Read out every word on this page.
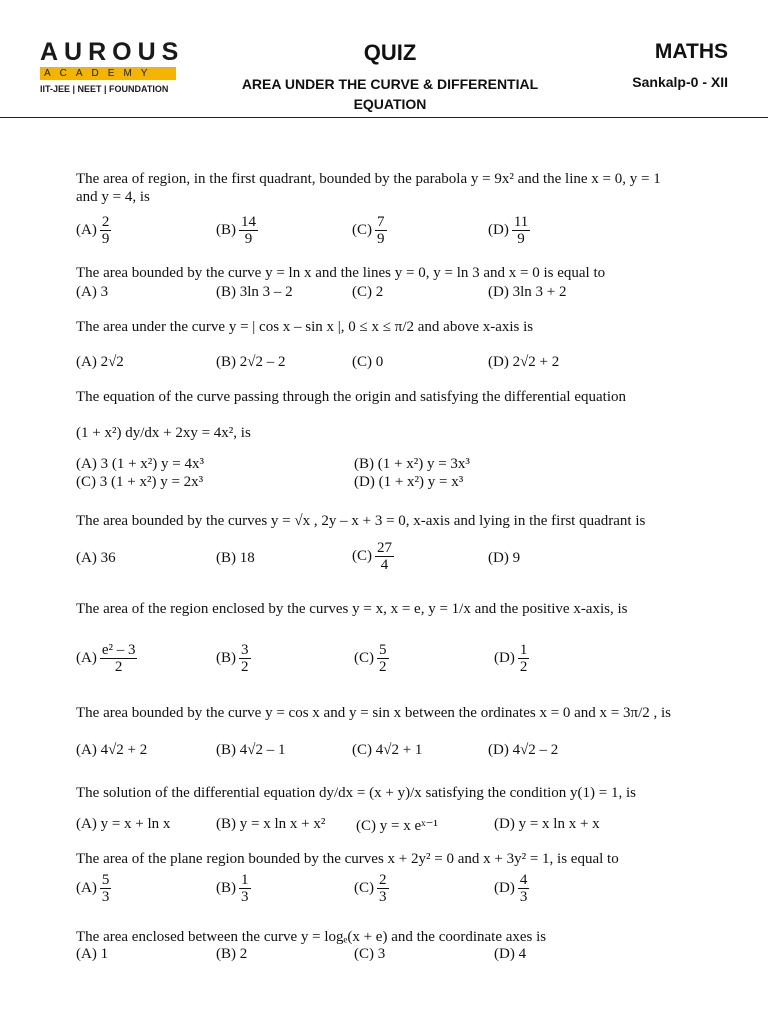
AUROUS
ACADEMY
IIT-JEE | NEET | FOUNDATION
QUIZ
AREA UNDER THE CURVE & DIFFERENTIAL EQUATION
MATHS
Sankalp-0 - XII
The area of region, in the first quadrant, bounded by the parabola y = 9x² and the line x = 0, y = 1 and y = 4, is
$(A) \frac{2}{9}$	$(B) \frac{14}{9}$	$(C) \frac{7}{9}$	$(D) \frac{11}{9}$
The area bounded by the curve y = ln x and the lines y = 0, y = ln 3 and x = 0 is equal to
(A) 3	(B) 3ln 3 – 2	(C) 2	(D) 3ln 3 + 2
The area under the curve y = | cos x – sin x |, 0 ≤ x ≤ π/2 and above x-axis is
(A) 2√2	(B) 2√2 – 2	(C) 0	(D) 2√2 + 2
The equation of the curve passing through the origin and satisfying the differential equation
(1 + x²) dy/dx + 2xy = 4x², is
(A) 3 (1 + x²) y = 4x³	(B) (1 + x²) y = 3x³
(C) 3 (1 + x²) y = 2x³	(D) (1 + x²) y = x³
The area bounded by the curves y = √x , 2y – x + 3 = 0, x-axis and lying in the first quadrant is
(A) 36	(B) 18	$(C) \frac{27}{4}$	(D) 9
The area of the region enclosed by the curves y = x, x = e, y = 1/x and the positive x-axis, is
$(A) \frac{\text{e² – 3}}{2}$	$(B) \frac{3}{2}$	$(C) \frac{5}{2}$	$(D) \frac{1}{2}$
The area bounded by the curve y = cos x and y = sin x between the ordinates x = 0 and x = 3π/2 , is
(A) 4√2 + 2	(B) 4√2 – 1	(C) 4√2 + 1	(D) 4√2 – 2
The solution of the differential equation dy/dx = (x + y)/x satisfying the condition y(1) = 1, is
(A) y = x + ln x	(B) y = x ln x + x² (C) y = x eˣ⁻¹	(D) y = x ln x + x
The area of the plane region bounded by the curves x + 2y² = 0 and x + 3y² = 1, is equal to
$(A) \frac{5}{3}$	$(B) \frac{1}{3}$	$(C) \frac{2}{3}$	$(D) \frac{4}{3}$
The area enclosed between the curve y = logₑ(x + e) and the coordinate axes is
(A) 1	(B) 2	(C) 3	(D) 4
